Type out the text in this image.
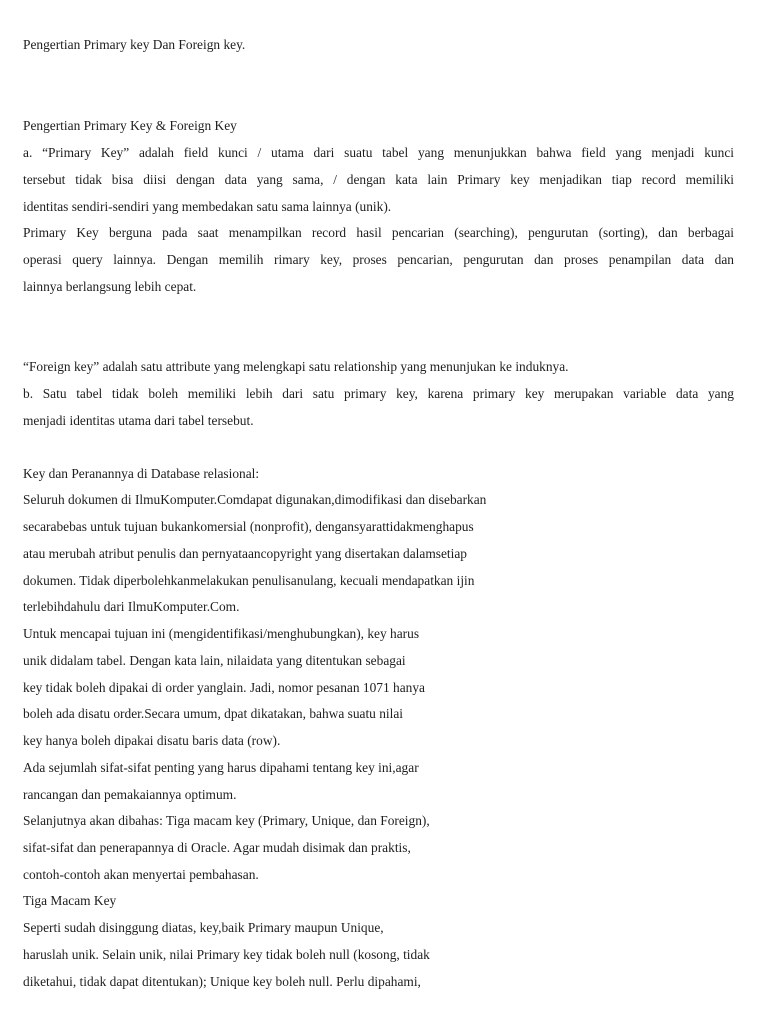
Pengertian Primary key Dan Foreign key.
Pengertian Primary Key & Foreign Key
a. “Primary Key” adalah field kunci / utama dari suatu tabel yang menunjukkan bahwa field yang menjadi kunci
tersebut tidak bisa diisi dengan data yang sama, / dengan kata lain Primary key menjadikan tiap record memiliki
identitas sendiri-sendiri yang membedakan satu sama lainnya (unik).
Primary Key berguna pada saat menampilkan record hasil pencarian (searching), pengurutan (sorting), dan berbagai
operasi query lainnya. Dengan memilih rimary key, proses pencarian, pengurutan dan proses penampilan data dan
lainnya berlangsung lebih cepat.
“Foreign key” adalah satu attribute yang melengkapi satu relationship yang menunjukan ke induknya.
b. Satu tabel tidak boleh memiliki lebih dari satu primary key, karena primary key merupakan variable data yang
menjadi identitas utama dari tabel tersebut.
Key dan Peranannya di Database relasional:
Seluruh dokumen di IlmuKomputer.Comdapat digunakan,dimodifikasi dan disebarkan
secarabebas untuk tujuan bukankomersial (nonprofit), dengansyarattidakmenghapus
atau merubah atribut penulis dan pernyataancopyright yang disertakan dalamsetiap
dokumen. Tidak diperbolehkanmelakukan penulisanulang, kecuali mendapatkan ijin
terlebihdahulu dari IlmuKomputer.Com.
Untuk mencapai tujuan ini (mengidentifikasi/menghubungkan), key harus
unik didalam tabel. Dengan kata lain, nilaidata yang ditentukan sebagai
key tidak boleh dipakai di order yanglain. Jadi, nomor pesanan 1071 hanya
boleh ada disatu order.Secara umum, dpat dikatakan, bahwa suatu nilai
key hanya boleh dipakai disatu baris data (row).
Ada sejumlah sifat-sifat penting yang harus dipahami tentang key ini,agar
rancangan dan pemakaiannya optimum.
Selanjutnya akan dibahas: Tiga macam key (Primary, Unique, dan Foreign),
sifat-sifat dan penerapannya di Oracle. Agar mudah disimak dan praktis,
contoh-contoh akan menyertai pembahasan.
Tiga Macam Key
Seperti sudah disinggung diatas, key,baik Primary maupun Unique,
haruslah unik. Selain unik, nilai Primary key tidak boleh null (kosong, tidak
diketahui, tidak dapat ditentukan); Unique key boleh null. Perlu dipahami,
